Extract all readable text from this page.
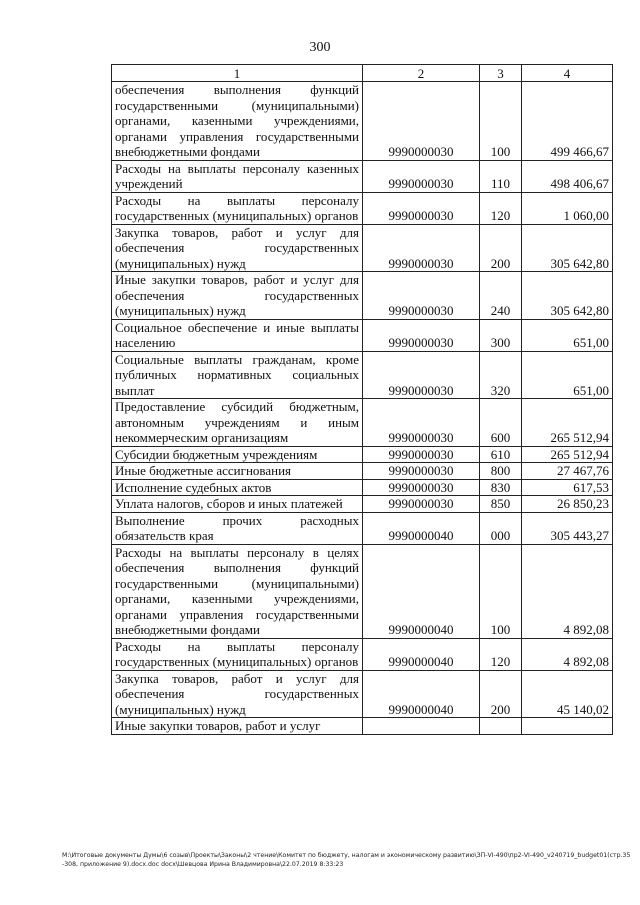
300
1	2	3	4
обеспечения выполнения функций государственными (муниципальными) органами, казенными учреждениями, органами управления государственными внебюджетными фондами	9990000030	100	499 466,67
Расходы на выплаты персоналу казенных учреждений	9990000030	110	498 406,67
Расходы на выплаты персоналу государственных (муниципальных) органов	9990000030	120	1 060,00
Закупка товаров, работ и услуг для обеспечения государственных (муниципальных) нужд	9990000030	200	305 642,80
Иные закупки товаров, работ и услуг для обеспечения государственных (муниципальных) нужд	9990000030	240	305 642,80
Социальное обеспечение и иные выплаты населению	9990000030	300	651,00
Социальные выплаты гражданам, кроме публичных нормативных социальных выплат	9990000030	320	651,00
Предоставление субсидий бюджетным, автономным учреждениям и иным некоммерческим организациям	9990000030	600	265 512,94
Субсидии бюджетным учреждениям	9990000030	610	265 512,94
Иные бюджетные ассигнования	9990000030	800	27 467,76
Исполнение судебных актов	9990000030	830	617,53
Уплата налогов, сборов и иных платежей	9990000030	850	26 850,23
Выполнение прочих расходных обязательств края	9990000040	000	305 443,27
Расходы на выплаты персоналу в целях обеспечения выполнения функций государственными (муниципальными) органами, казенными учреждениями, органами управления государственными внебюджетными фондами	9990000040	100	4 892,08
Расходы на выплаты персоналу государственных (муниципальных) органов	9990000040	120	4 892,08
Закупка товаров, работ и услуг для обеспечения государственных (муниципальных) нужд	9990000040	200	45 140,02
Иные закупки товаров, работ и услуг			
M:\Итоговые документы Думы\6 созыв\Проекты\Законы\2 чтение\Комитет по бюджету, налогам и экономическому развитию\ЗП-VI-490\пр2-VI-490_v240719_budget01(стр.35-308, приложение 9).docx.doc docx\Шевцова Ирина Владимировна\22.07.2019 8:33:23
